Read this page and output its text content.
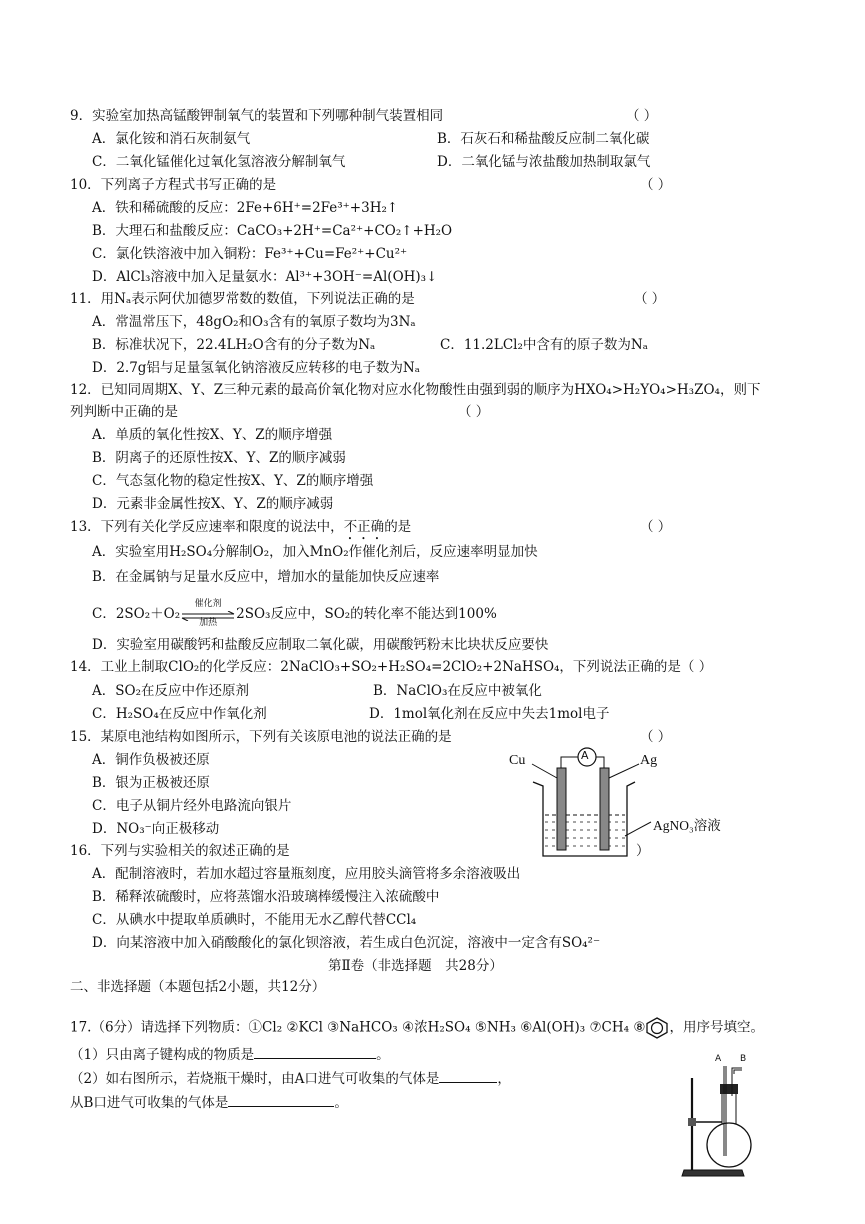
9．实验室加热高锰酸钾制氧气的装置和下列哪种制气装置相同	（ ）
A．氯化铵和消石灰制氨气	B．石灰石和稀盐酸反应制二氧化碳
C．二氧化锰催化过氧化氢溶液分解制氧气	D．二氧化锰与浓盐酸加热制取氯气
10．下列离子方程式书写正确的是	（ ）
A．铁和稀硫酸的反应：2Fe+6H⁺=2Fe³⁺+3H₂↑
B．大理石和盐酸反应：CaCO₃+2H⁺=Ca²⁺+CO₂↑+H₂O
C．氯化铁溶液中加入铜粉：Fe³⁺+Cu=Fe²⁺+Cu²⁺
D．AlCl₃溶液中加入足量氨水：Al³⁺+3OH⁻=Al(OH)₃↓
11．用Nₐ表示阿伏加德罗常数的数值，下列说法正确的是	（ ）
A．常温常压下，48gO₂和O₃含有的氧原子数均为3Nₐ
B．标准状况下，22.4LH₂O含有的分子数为Nₐ	C．11.2LCl₂中含有的原子数为Nₐ
D．2.7g铝与足量氢氧化钠溶液反应转移的电子数为Nₐ
12．已知同周期X、Y、Z三种元素的最高价氧化物对应水化物酸性由强到弱的顺序为HXO₄>H₂YO₄>H₃ZO₄，则下
列判断中正确的是	（ ）
A．单质的氧化性按X、Y、Z的顺序增强
B．阴离子的还原性按X、Y、Z的顺序减弱
C．气态氢化物的稳定性按X、Y、Z的顺序增强
D．元素非金属性按X、Y、Z的顺序减弱
13．下列有关化学反应速率和限度的说法中，不正确的是	（ ）
A．实验室用H₂SO₄分解制O₂，加入MnO₂作催化剂后，反应速率明显加快
B．在金属钠与足量水反应中，增加水的量能加快反应速率
C．2SO₂＋O₂
催化剂
加热
2SO₃反应中，SO₂的转化率不能达到100%
D．实验室用碳酸钙和盐酸反应制取二氧化碳，用碳酸钙粉末比块状反应要快
14．工业上制取ClO₂的化学反应：2NaClO₃+SO₂+H₂SO₄=2ClO₂+2NaHSO₄，下列说法正确的是（ ）
A．SO₂在反应中作还原剂	B．NaClO₃在反应中被氧化
C．H₂SO₄在反应中作氧化剂	D．1mol氧化剂在反应中失去1mol电子
15．某原电池结构如图所示，下列有关该原电池的说法正确的是	（ ）
A．铜作负极被还原
B．银为正极被还原
C．电子从铜片经外电路流向银片
D．NO₃⁻向正极移动
A
Cu	Ag
AgNO₃溶液
16．下列与实验相关的叙述正确的是	）
A．配制溶液时，若加水超过容量瓶刻度，应用胶头滴管将多余溶液吸出
B．稀释浓硫酸时，应将蒸馏水沿玻璃棒缓慢注入浓硫酸中
C．从碘水中提取单质碘时，不能用无水乙醇代替CCl₄
D．向某溶液中加入硝酸酸化的氯化钡溶液，若生成白色沉淀，溶液中一定含有SO₄²⁻
第Ⅱ卷（非选择题　共28分）
二、非选择题（本题包括2小题，共12分）
17.（6分）请选择下列物质：①Cl₂ ②KCl ③NaHCO₃ ④浓H₂SO₄ ⑤NH₃ ⑥Al(OH)₃ ⑦CH₄ ⑧ ，用序号填空。
（1）只由离子键构成的物质是	。
（2）如右图所示，若烧瓶干燥时，由A口进气可收集的气体是	，
从B口进气可收集的气体是	。
A B
